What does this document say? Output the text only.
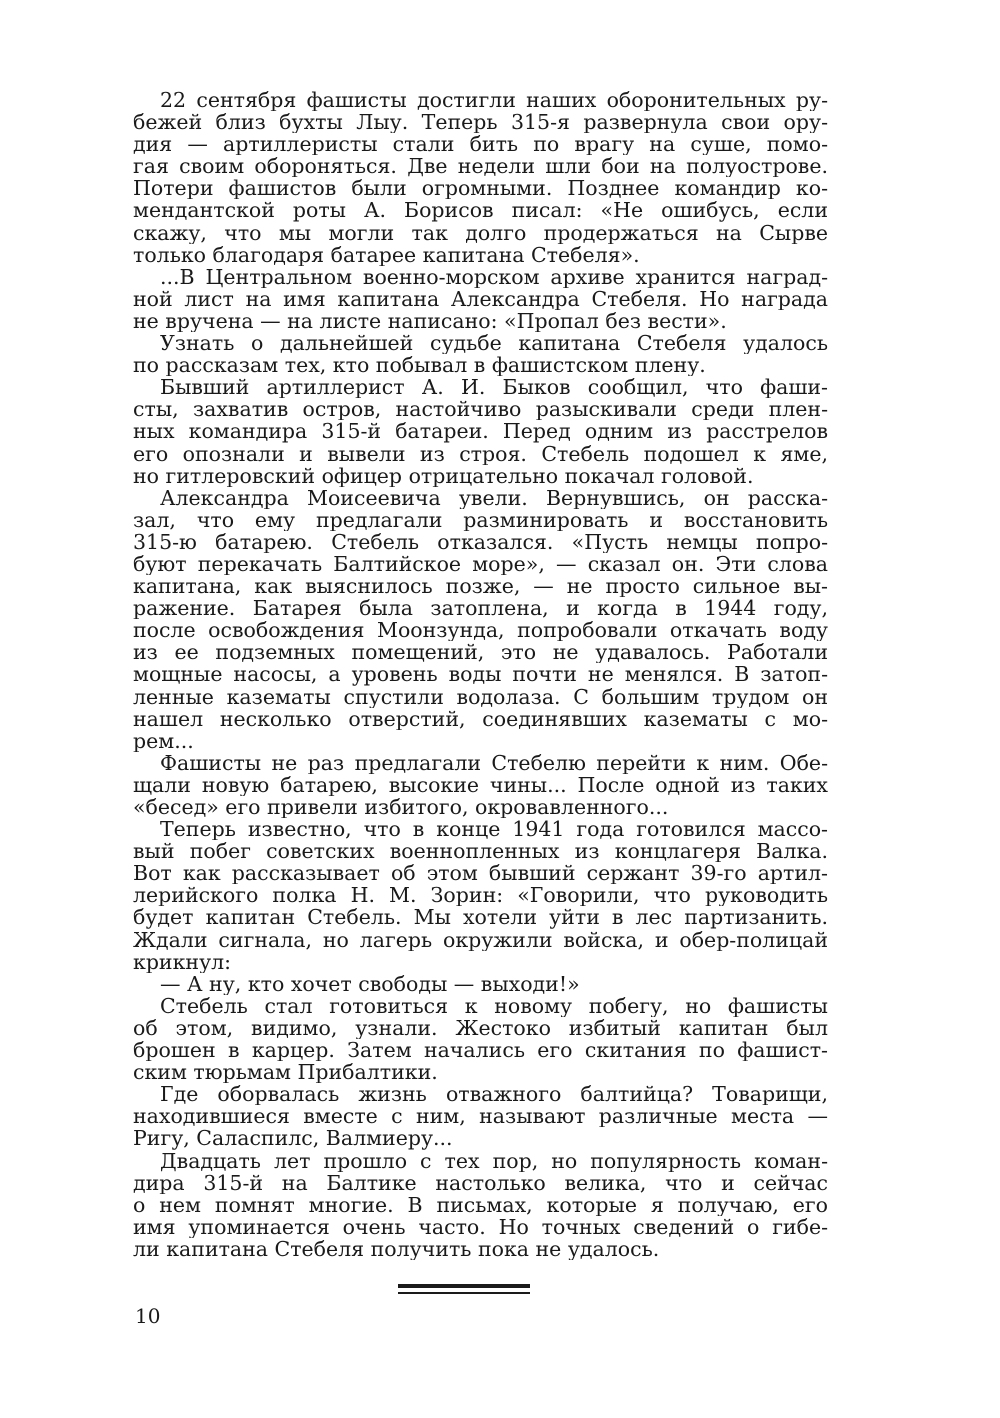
22 сентября фашисты достигли наших оборонительных ру-
бежей близ бухты Лыу. Теперь 315-я развернула свои ору-
дия — артиллеристы стали бить по врагу на суше, помо-
гая своим обороняться. Две недели шли бои на полуострове.
Потери фашистов были огромными. Позднее командир ко-
мендантской роты А. Борисов писал: «Не ошибусь, если
скажу, что мы могли так долго продержаться на Сырве
только благодаря батарее капитана Стебеля».
...В Центральном военно-морском архиве хранится наград-
ной лист на имя капитана Александра Стебеля. Но награда
не вручена — на листе написано: «Пропал без вести».
Узнать о дальнейшей судьбе капитана Стебеля удалось
по рассказам тех, кто побывал в фашистском плену.
Бывший артиллерист А. И. Быков сообщил, что фаши-
сты, захватив остров, настойчиво разыскивали среди плен-
ных командира 315-й батареи. Перед одним из расстрелов
его опознали и вывели из строя. Стебель подошел к яме,
но гитлеровский офицер отрицательно покачал головой.
Александра Моисеевича увели. Вернувшись, он расска-
зал, что ему предлагали разминировать и восстановить
315-ю батарею. Стебель отказался. «Пусть немцы попро-
буют перекачать Балтийское море», — сказал он. Эти слова
капитана, как выяснилось позже, — не просто сильное вы-
ражение. Батарея была затоплена, и когда в 1944 году,
после освобождения Моонзунда, попробовали откачать воду
из ее подземных помещений, это не удавалось. Работали
мощные насосы, а уровень воды почти не менялся. В затоп-
ленные казематы спустили водолаза. С большим трудом он
нашел несколько отверстий, соединявших казематы с мо-
рем...
Фашисты не раз предлагали Стебелю перейти к ним. Обе-
щали новую батарею, высокие чины... После одной из таких
«бесед» его привели избитого, окровавленного...
Теперь известно, что в конце 1941 года готовился массо-
вый побег советских военнопленных из концлагеря Валка.
Вот как рассказывает об этом бывший сержант 39-го артил-
лерийского полка Н. М. Зорин: «Говорили, что руководить
будет капитан Стебель. Мы хотели уйти в лес партизанить.
Ждали сигнала, но лагерь окружили войска, и обер-полицай
крикнул:
— А ну, кто хочет свободы — выходи!»
Стебель стал готовиться к новому побегу, но фашисты
об этом, видимо, узнали. Жестоко избитый капитан был
брошен в карцер. Затем начались его скитания по фашист-
ским тюрьмам Прибалтики.
Где оборвалась жизнь отважного балтийца? Товарищи,
находившиеся вместе с ним, называют различные места —
Ригу, Саласпилс, Валмиеру...
Двадцать лет прошло с тех пор, но популярность коман-
дира 315-й на Балтике настолько велика, что и сейчас
о нем помнят многие. В письмах, которые я получаю, его
имя упоминается очень часто. Но точных сведений о гибе-
ли капитана Стебеля получить пока не удалось.
10
